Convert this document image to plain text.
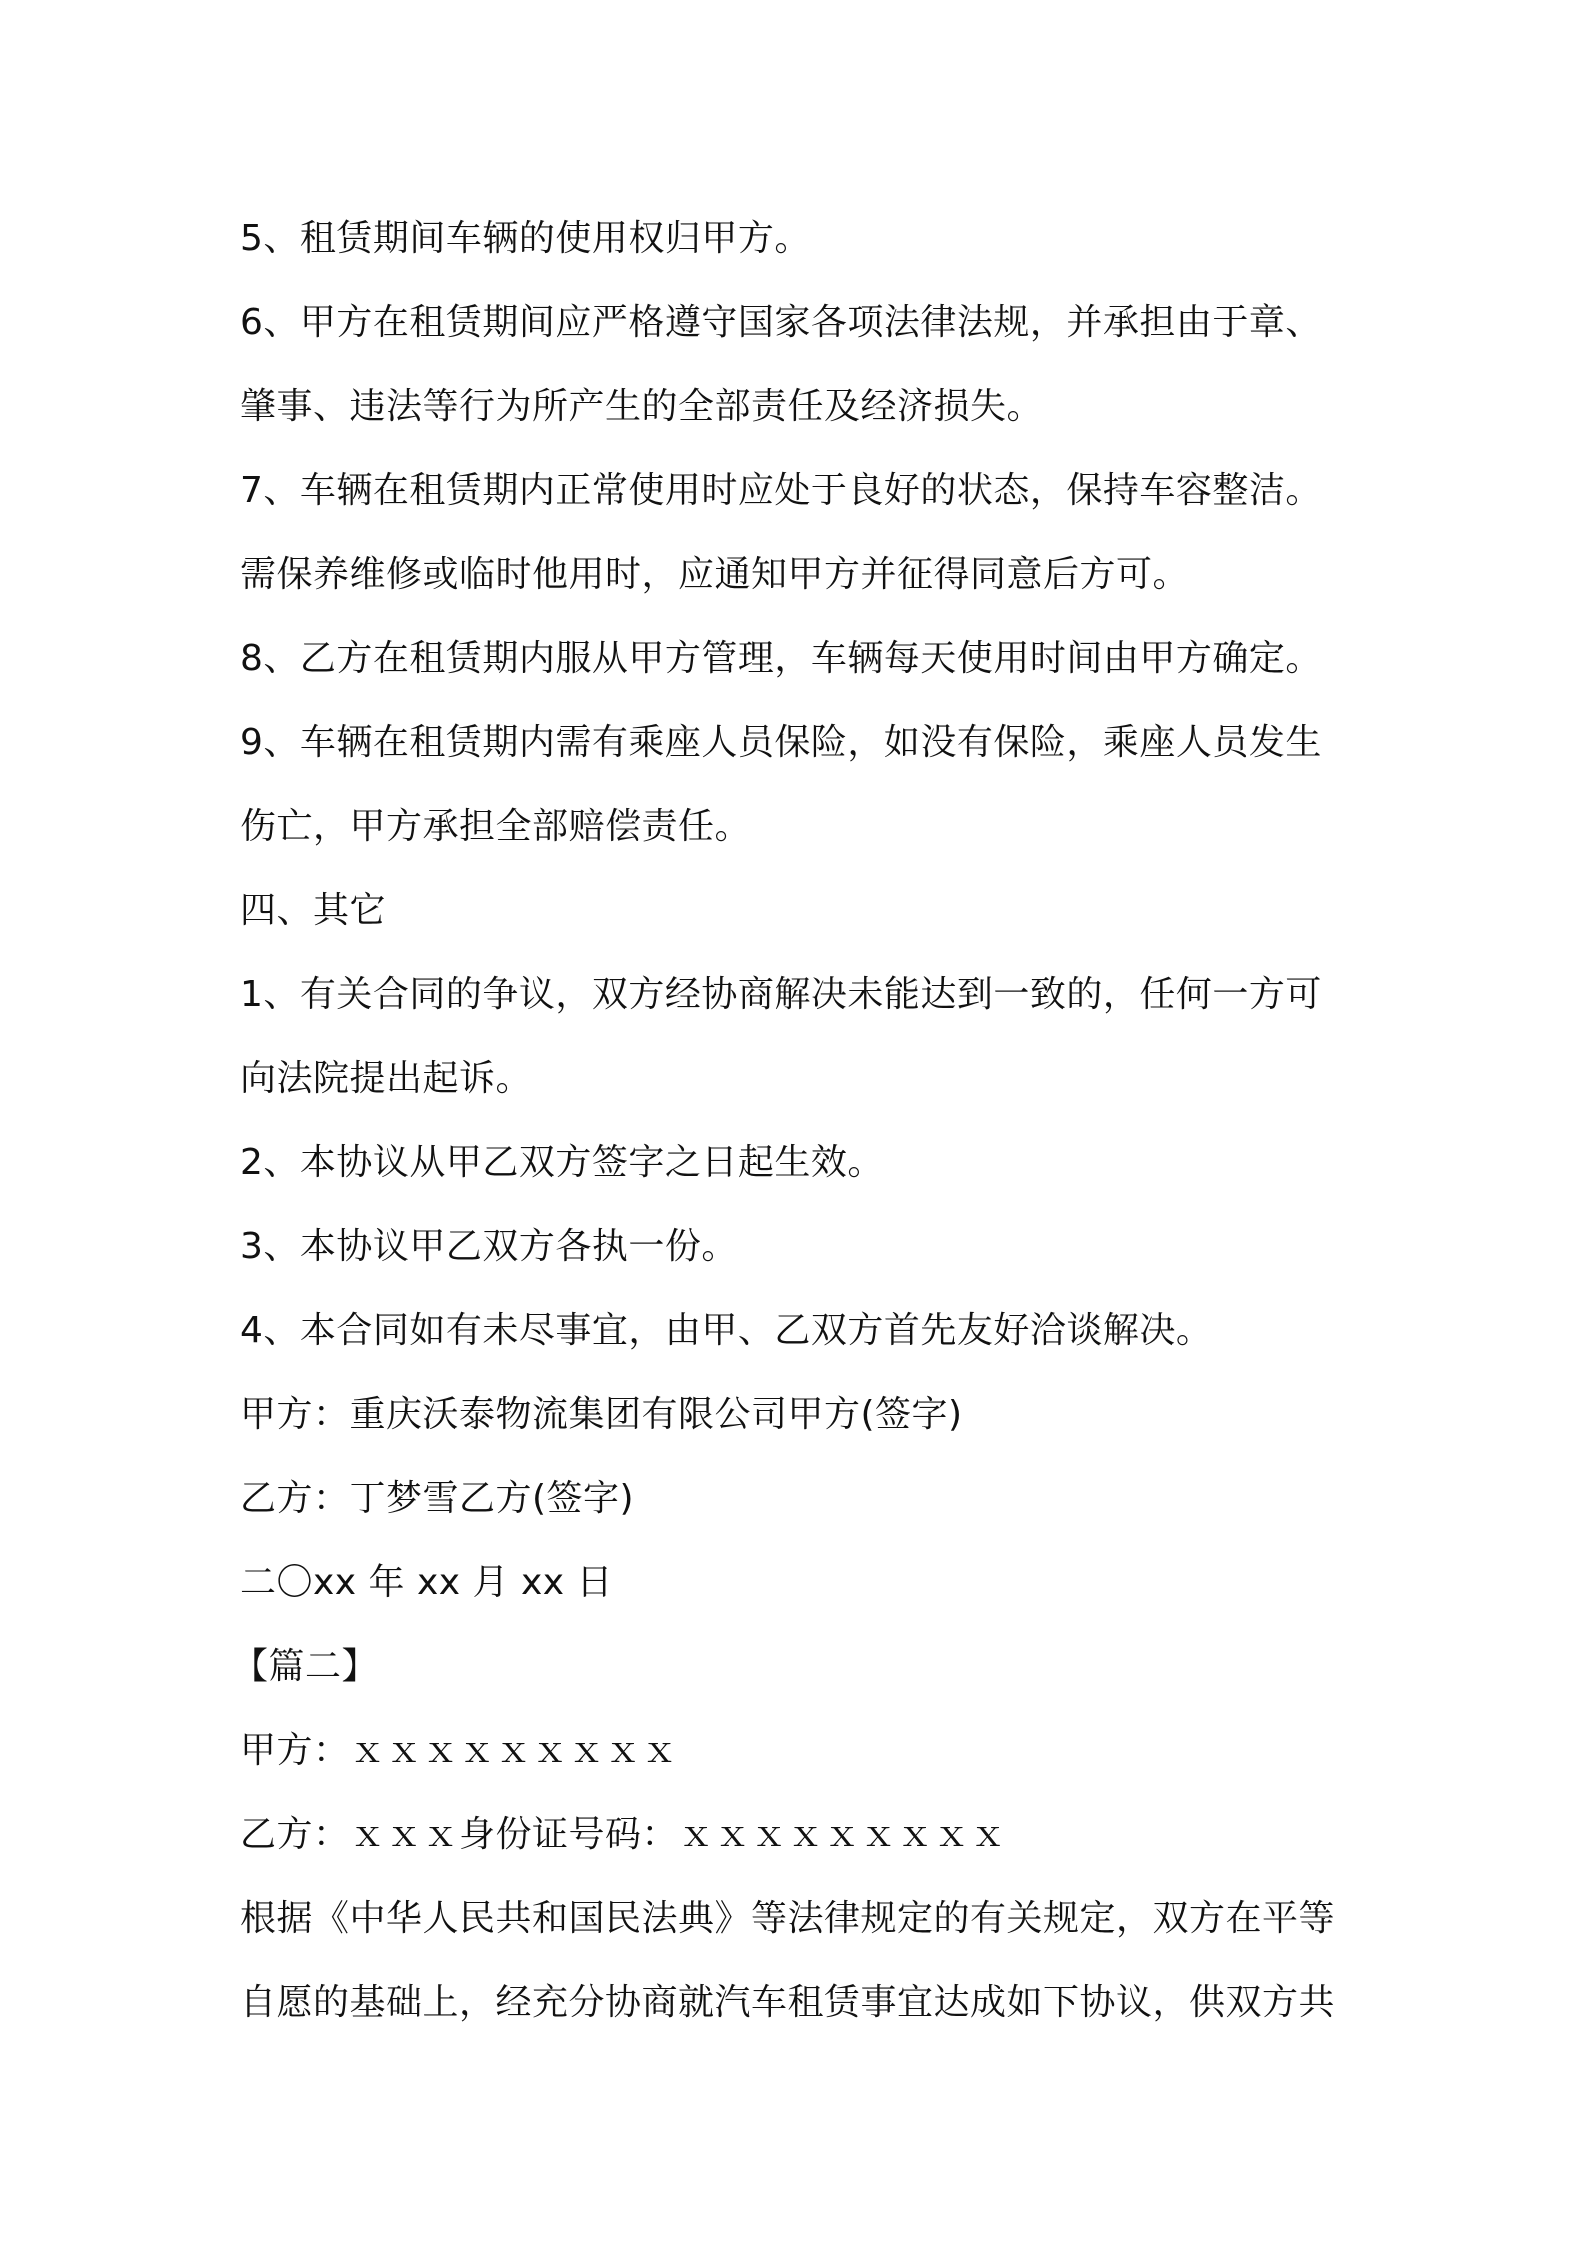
5、租赁期间车辆的使用权归甲方。
6、甲方在租赁期间应严格遵守国家各项法律法规，并承担由于章、
肇事、违法等行为所产生的全部责任及经济损失。
7、车辆在租赁期内正常使用时应处于良好的状态，保持车容整洁。
需保养维修或临时他用时，应通知甲方并征得同意后方可。
8、乙方在租赁期内服从甲方管理，车辆每天使用时间由甲方确定。
9、车辆在租赁期内需有乘座人员保险，如没有保险，乘座人员发生
伤亡，甲方承担全部赔偿责任。
四、其它
1、有关合同的争议，双方经协商解决未能达到一致的，任何一方可
向法院提出起诉。
2、本协议从甲乙双方签字之日起生效。
3、本协议甲乙双方各执一份。
4、本合同如有未尽事宜，由甲、乙双方首先友好洽谈解决。
甲方：重庆沃泰物流集团有限公司甲方(签字)
乙方：丁梦雪乙方(签字)
二〇xx 年 xx 月 xx 日
【篇二】
甲方：ｘｘｘｘｘｘｘｘｘ
乙方：ｘｘｘ身份证号码：ｘｘｘｘｘｘｘｘｘ
根据《中华人民共和国民法典》等法律规定的有关规定，双方在平等
自愿的基础上，经充分协商就汽车租赁事宜达成如下协议，供双方共
